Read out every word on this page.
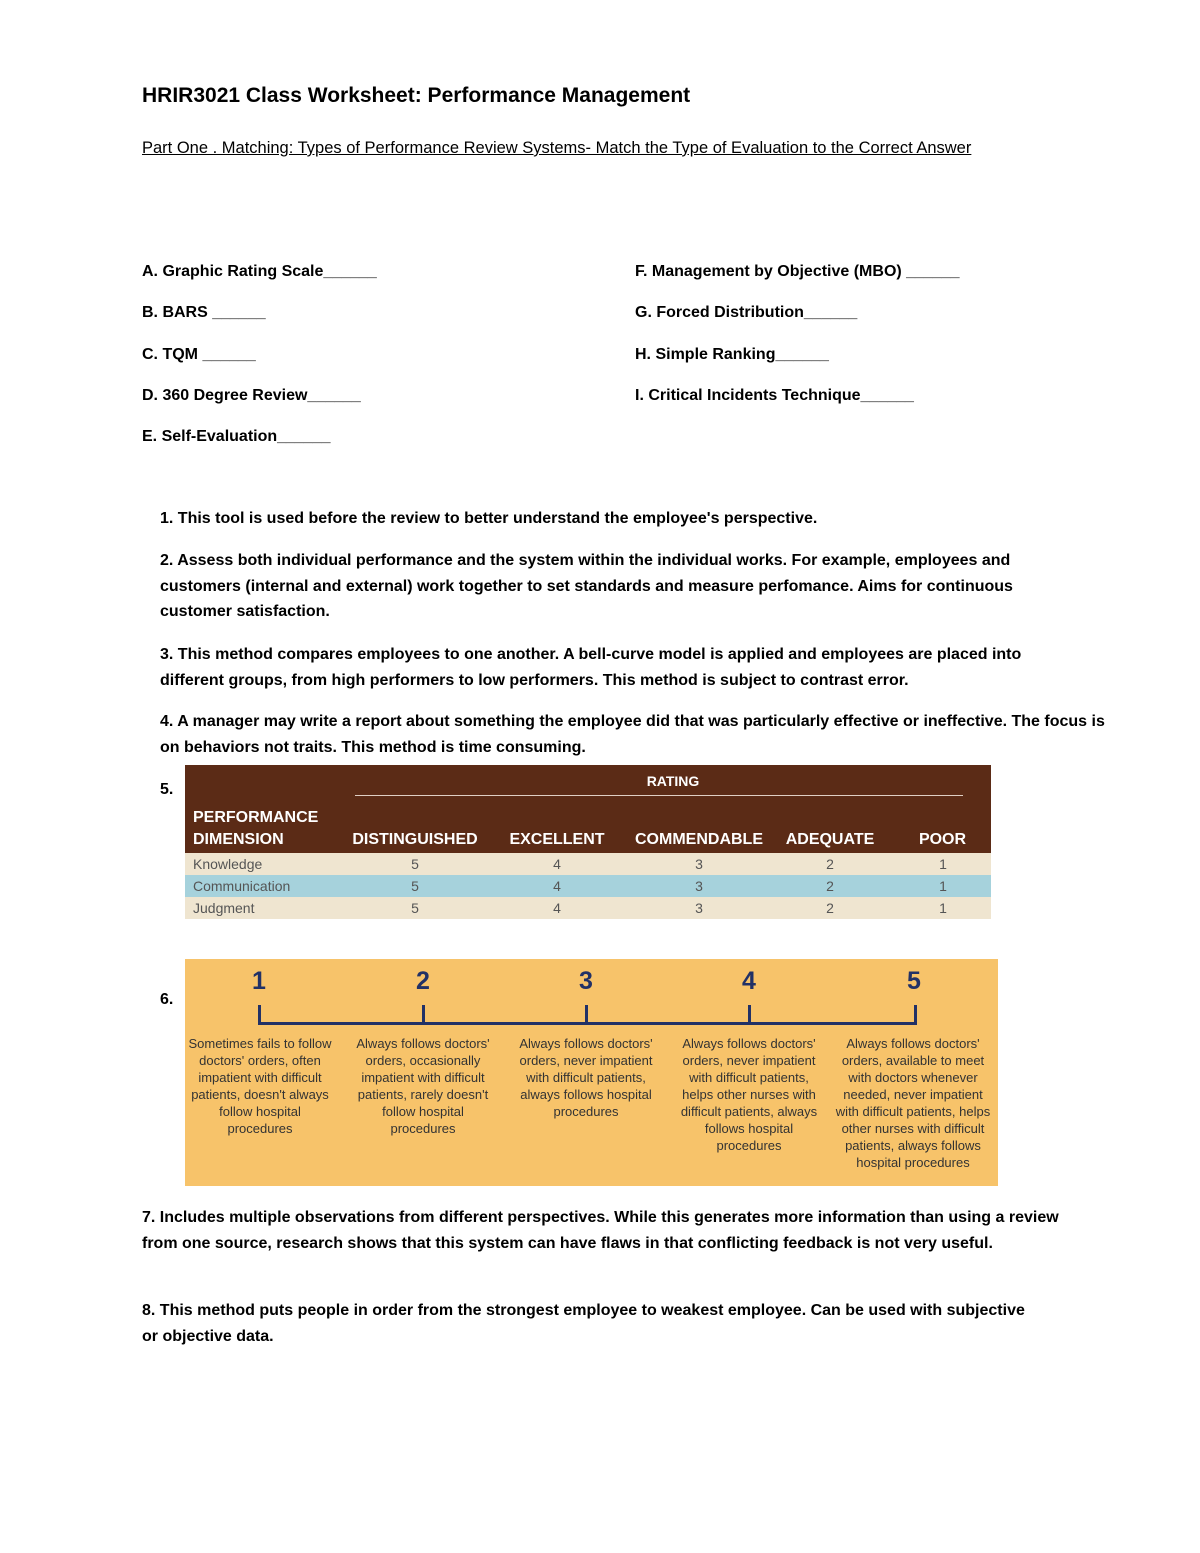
HRIR3021 Class Worksheet: Performance Management
Part One . Matching: Types of Performance Review Systems- Match the Type of Evaluation to the Correct Answer
A. Graphic Rating Scale______
B. BARS ______
C. TQM ______
D. 360 Degree Review______
E. Self-Evaluation______
F. Management by Objective (MBO) ______
G. Forced Distribution______
H. Simple Ranking______
I. Critical Incidents Technique______
1. This tool is used before the review to better understand the employee's perspective.
2. Assess both individual performance and the system within the individual works. For example, employees and customers (internal and external) work together to set standards and measure perfomance. Aims for continuous customer satisfaction.
3. This method compares employees to one another. A bell-curve model is applied and employees are placed into different groups, from high performers to low performers. This method is subject to contrast error.
4. A manager may write a report about something the employee did that was particularly effective or ineffective. The focus is on behaviors not traits. This method is time consuming.
5.
6.
7. Includes multiple observations from different perspectives. While this generates more information than using a review from one source, research shows that this system can have flaws in that conflicting feedback is not very useful.
8. This method puts people in order from the strongest employee to weakest employee. Can be used with subjective or objective data.
RATING
PERFORMANCE
DIMENSION	DISTINGUISHED	EXCELLENT	COMMENDABLE	ADEQUATE	POOR
Knowledge	5	4	3	2	1
Communication	5	4	3	2	1
Judgment	5	4	3	2	1
1	2	3	4	5
Sometimes fails to follow doctors' orders, often impatient with difficult patients, doesn't always follow hospital procedures
Always follows doctors' orders, occasionally impatient with difficult patients, rarely doesn't follow hospital procedures
Always follows doctors' orders, never impatient with difficult patients, always follows hospital procedures
Always follows doctors' orders, never impatient with difficult patients, helps other nurses with difficult patients, always follows hospital procedures
Always follows doctors' orders, available to meet with doctors whenever needed, never impatient with difficult patients, helps other nurses with difficult patients, always follows hospital procedures
